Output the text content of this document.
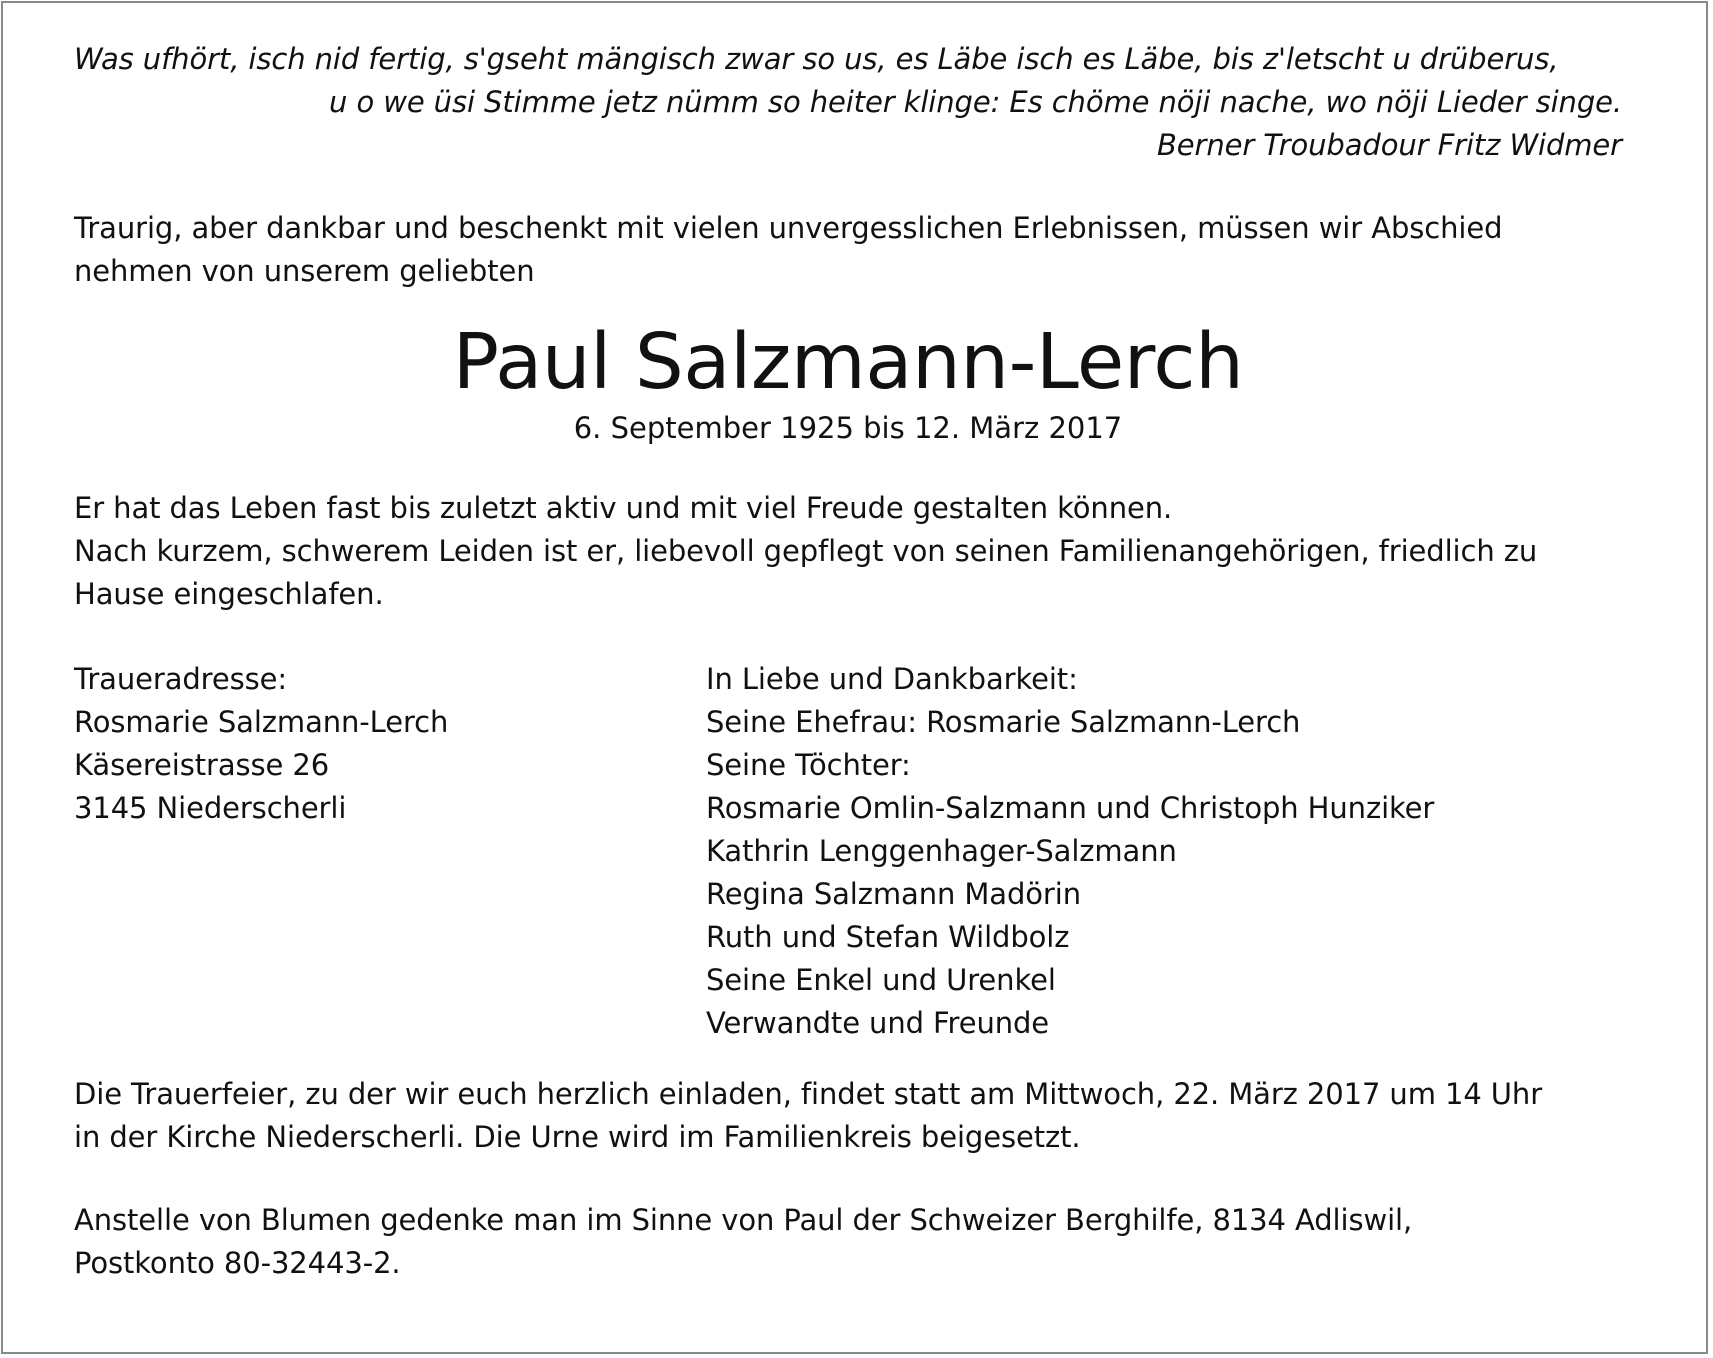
Was ufhört, isch nid fertig, s'gseht mängisch zwar so us, es Läbe isch es Läbe, bis z'letscht u drüberus,
u o we üsi Stimme jetz nümm so heiter klinge: Es chöme nöji nache, wo nöji Lieder singe.
Berner Troubadour Fritz Widmer
Traurig, aber dankbar und beschenkt mit vielen unvergesslichen Erlebnissen, müssen wir Abschied
nehmen von unserem geliebten
Paul Salzmann-Lerch
6. September 1925 bis 12. März 2017
Er hat das Leben fast bis zuletzt aktiv und mit viel Freude gestalten können.
Nach kurzem, schwerem Leiden ist er, liebevoll gepflegt von seinen Familienangehörigen, friedlich zu
Hause eingeschlafen.
Traueradresse:
Rosmarie Salzmann-Lerch
Käsereistrasse 26
3145 Niederscherli
In Liebe und Dankbarkeit:
Seine Ehefrau: Rosmarie Salzmann-Lerch
Seine Töchter:
Rosmarie Omlin-Salzmann und Christoph Hunziker
Kathrin Lenggenhager-Salzmann
Regina Salzmann Madörin
Ruth und Stefan Wildbolz
Seine Enkel und Urenkel
Verwandte und Freunde
Die Trauerfeier, zu der wir euch herzlich einladen, findet statt am Mittwoch, 22. März 2017 um 14 Uhr
in der Kirche Niederscherli. Die Urne wird im Familienkreis beigesetzt.
Anstelle von Blumen gedenke man im Sinne von Paul der Schweizer Berghilfe, 8134 Adliswil,
Postkonto 80-32443-2.
